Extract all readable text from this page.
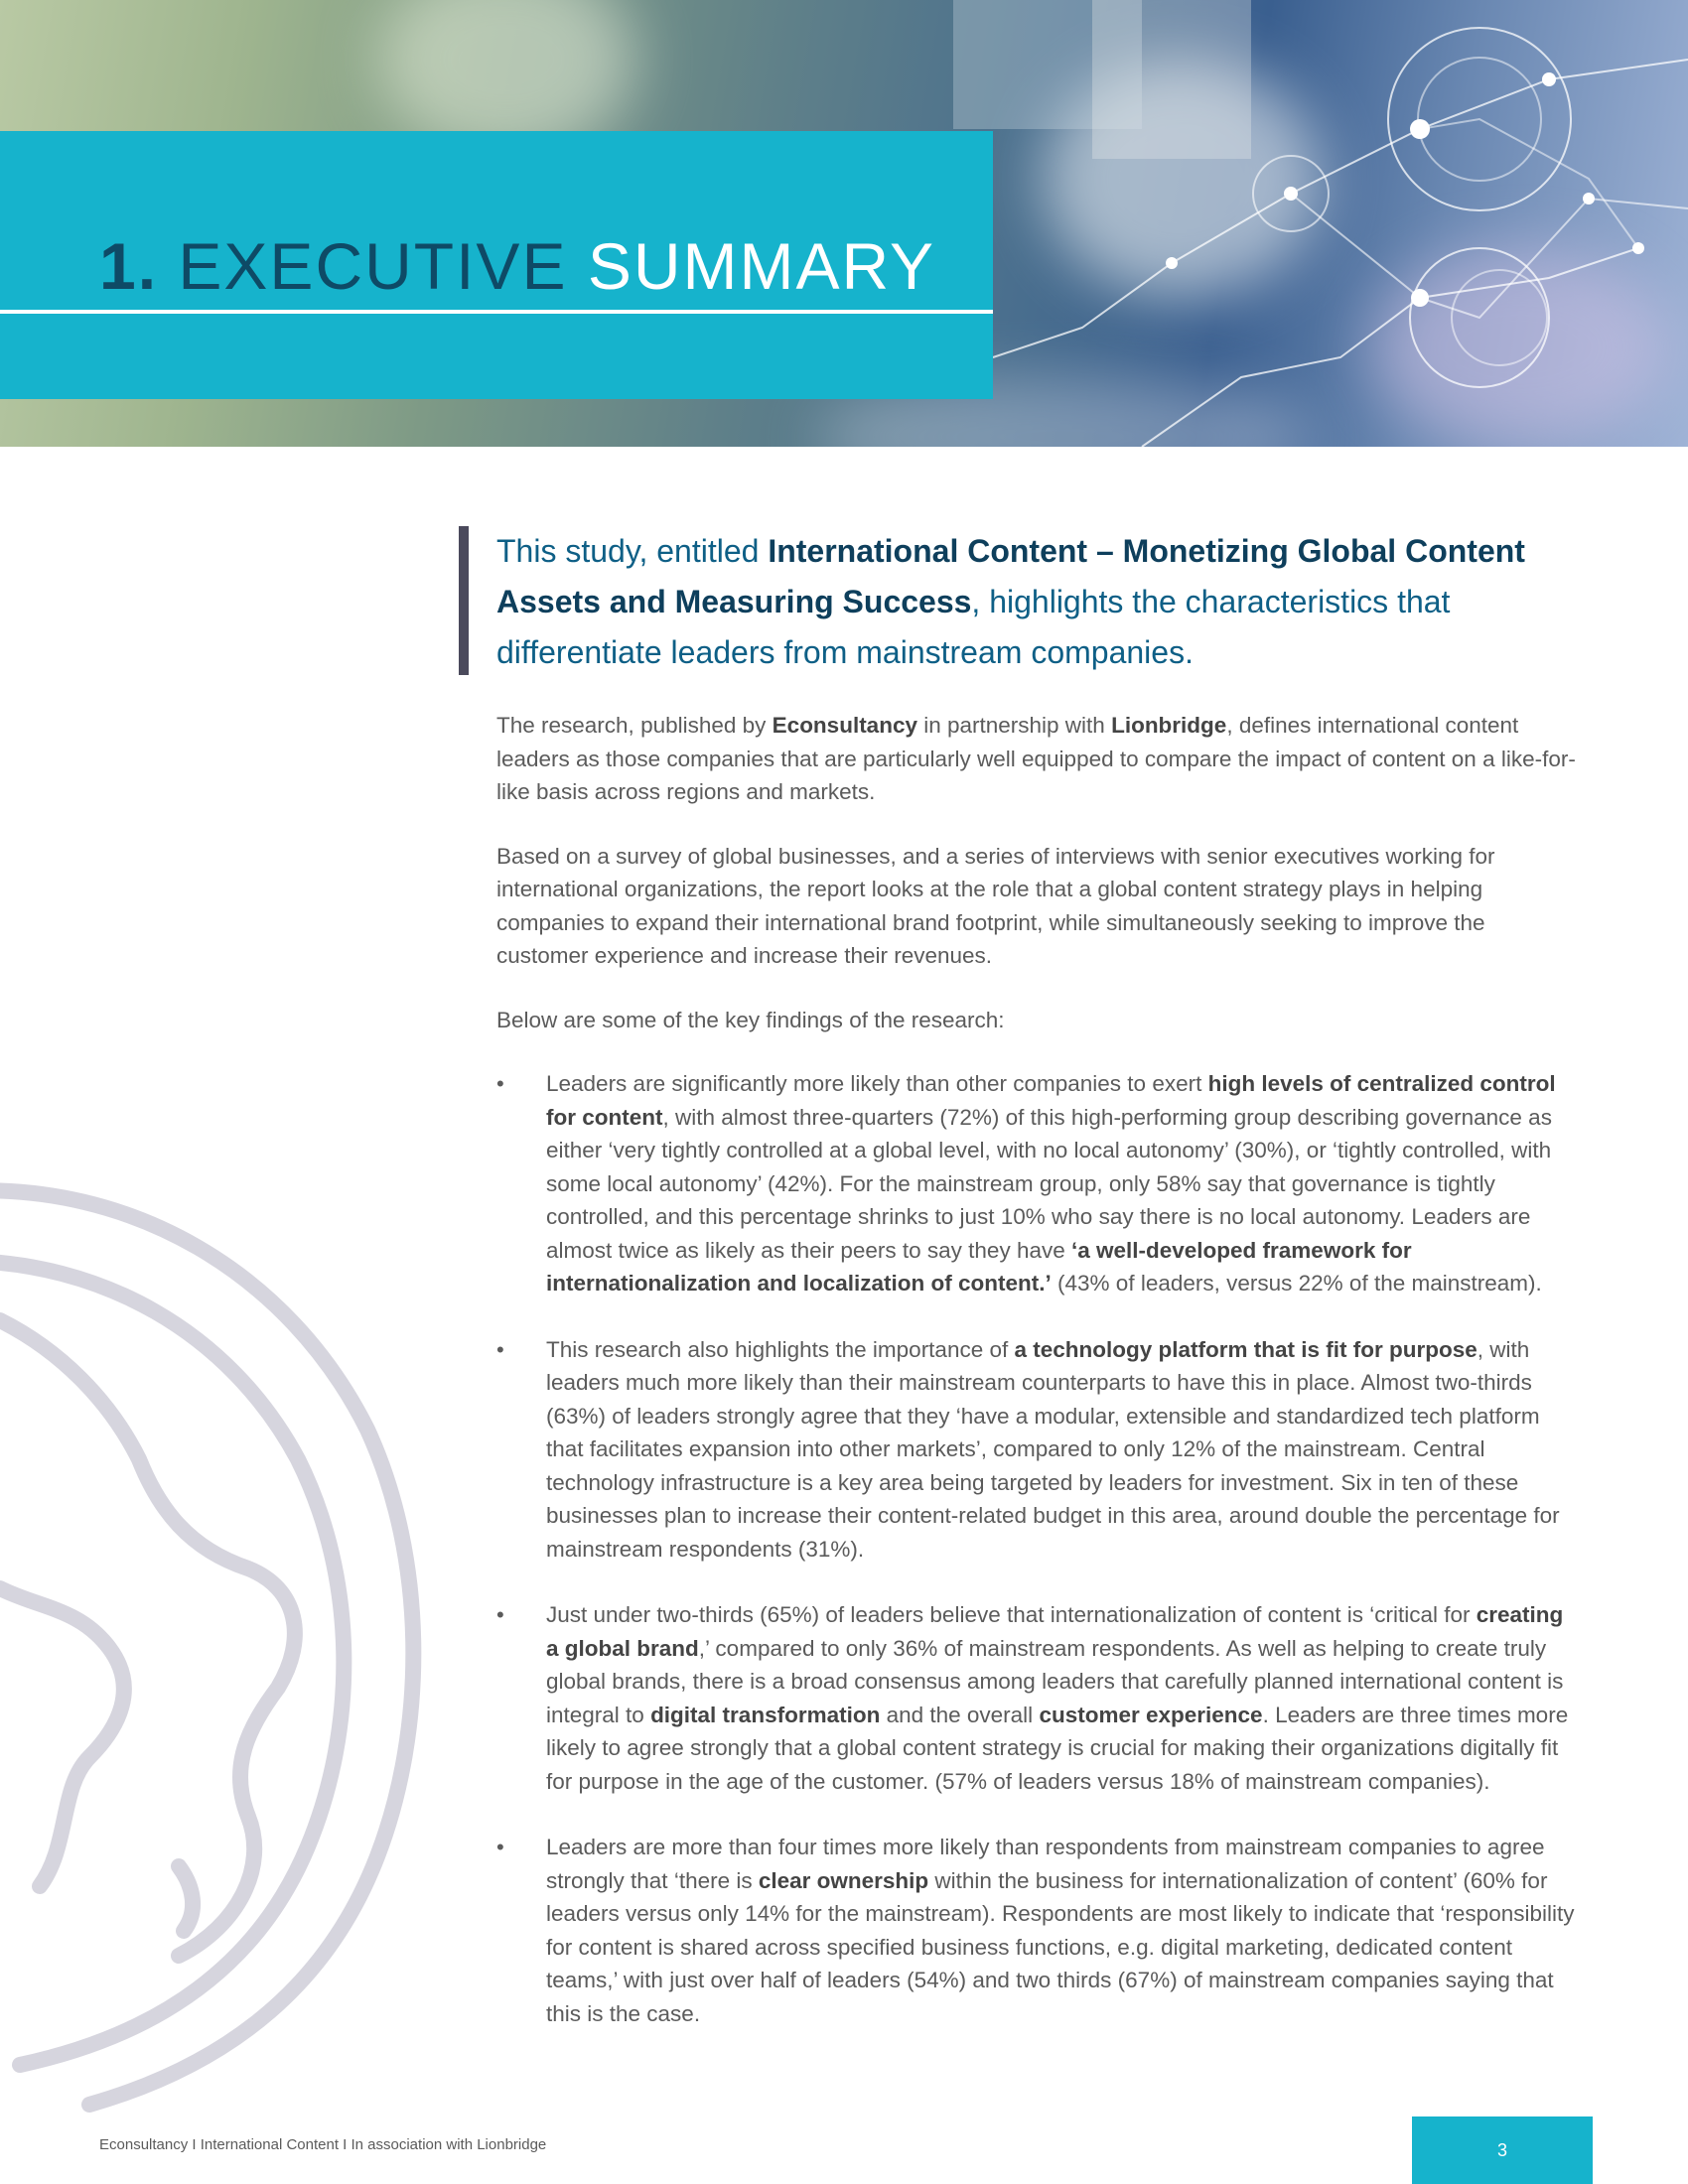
1. EXECUTIVE SUMMARY

This study, entitled International Content – Monetizing Global Content Assets and Measuring Success, highlights the characteristics that differentiate leaders from mainstream companies.

The research, published by Econsultancy in partnership with Lionbridge, defines international content leaders as those companies that are particularly well equipped to compare the impact of content on a like-for-like basis across regions and markets.

Based on a survey of global businesses, and a series of interviews with senior executives working for international organizations, the report looks at the role that a global content strategy plays in helping companies to expand their international brand footprint, while simultaneously seeking to improve the customer experience and increase their revenues.

Below are some of the key findings of the research:

• Leaders are significantly more likely than other companies to exert high levels of centralized control for content, with almost three-quarters (72%) of this high-performing group describing governance as either ‘very tightly controlled at a global level, with no local autonomy’ (30%), or ‘tightly controlled, with some local autonomy’ (42%). For the mainstream group, only 58% say that governance is tightly controlled, and this percentage shrinks to just 10% who say there is no local autonomy. Leaders are almost twice as likely as their peers to say they have ‘a well-developed framework for internationalization and localization of content.’ (43% of leaders, versus 22% of the mainstream).
• This research also highlights the importance of a technology platform that is fit for purpose, with leaders much more likely than their mainstream counterparts to have this in place. Almost two-thirds (63%) of leaders strongly agree that they ‘have a modular, extensible and standardized tech platform that facilitates expansion into other markets’, compared to only 12% of the mainstream. Central technology infrastructure is a key area being targeted by leaders for investment. Six in ten of these businesses plan to increase their content-related budget in this area, around double the percentage for mainstream respondents (31%).
• Just under two-thirds (65%) of leaders believe that internationalization of content is ‘critical for creating a global brand,’ compared to only 36% of mainstream respondents. As well as helping to create truly global brands, there is a broad consensus among leaders that carefully planned international content is integral to digital transformation and the overall customer experience. Leaders are three times more likely to agree strongly that a global content strategy is crucial for making their organizations digitally fit for purpose in the age of the customer. (57% of leaders versus 18% of mainstream companies).
• Leaders are more than four times more likely than respondents from mainstream companies to agree strongly that ‘there is clear ownership within the business for internationalization of content’ (60% for leaders versus only 14% for the mainstream). Respondents are most likely to indicate that ‘responsibility for content is shared across specified business functions, e.g. digital marketing, dedicated content teams,’ with just over half of leaders (54%) and two thirds (67%) of mainstream companies saying that this is the case.
Econsultancy I International Content I In association with Lionbridge	3
